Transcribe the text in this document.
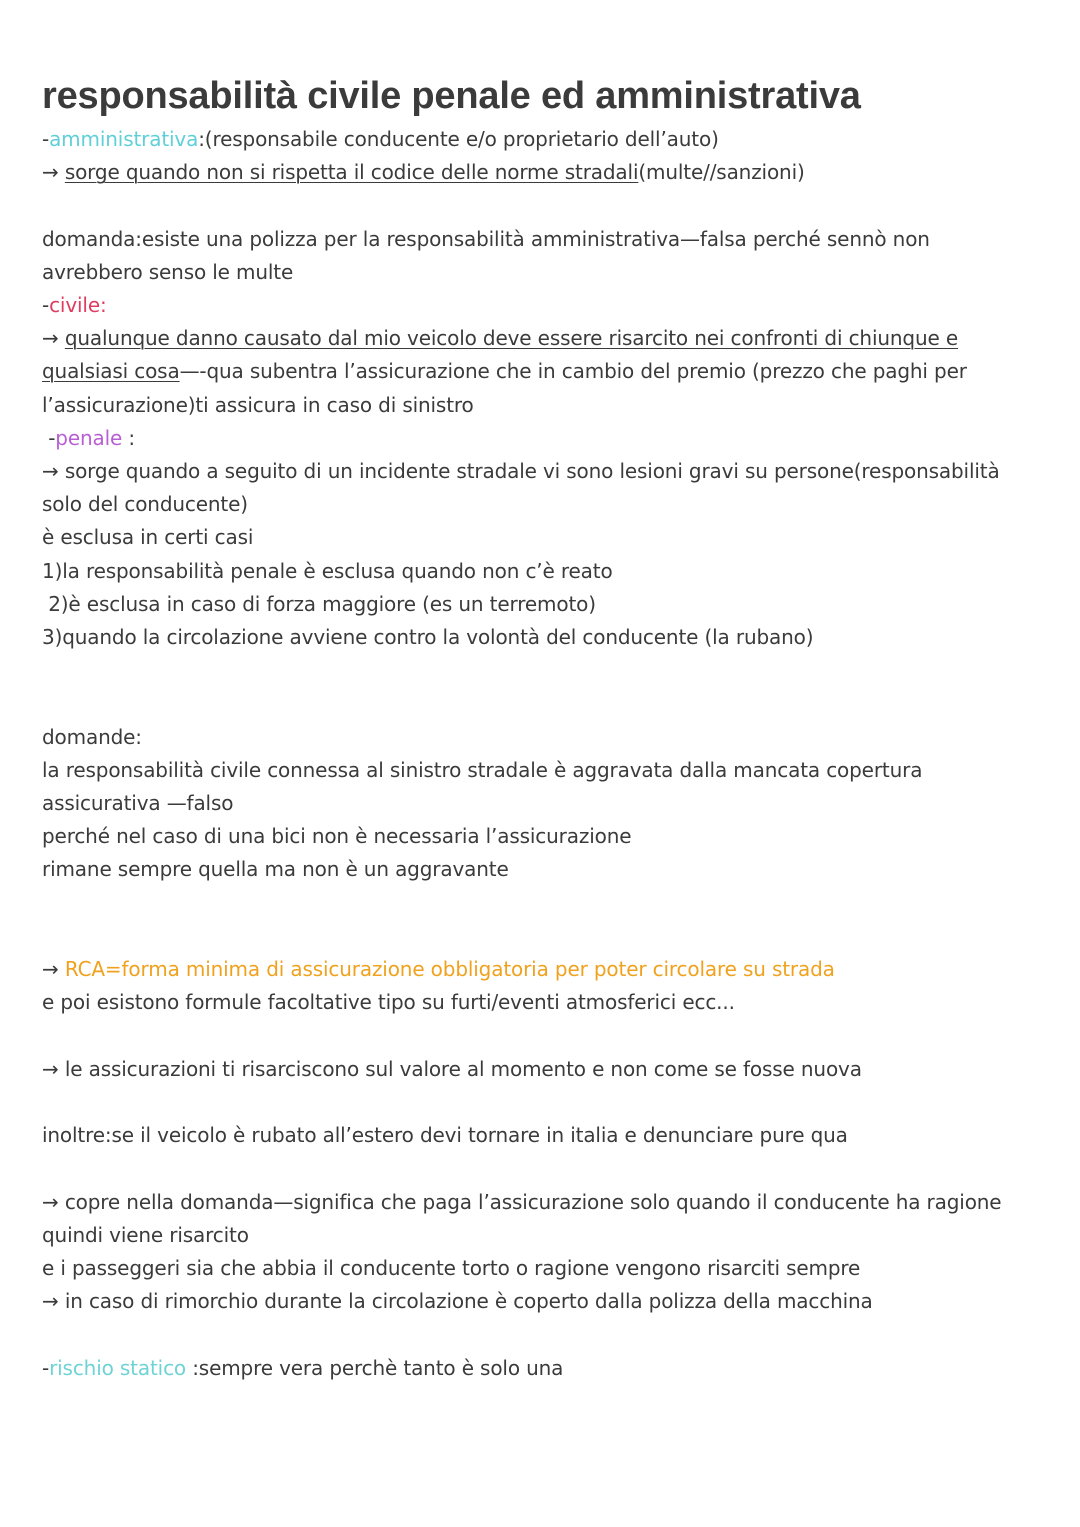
responsabilità civile penale ed amministrativa
-amministrativa:(responsabile conducente e/o proprietario dell’auto)
→ sorge quando non si rispetta il codice delle norme stradali(multe//sanzioni)
domanda:esiste una polizza per la responsabilità amministrativa—falsa perché sennò non
avrebbero senso le multe
-civile:
→ qualunque danno causato dal mio veicolo deve essere risarcito nei confronti di chiunque e
qualsiasi cosa—-qua subentra l’assicurazione che in cambio del premio (prezzo che paghi per
l’assicurazione)ti assicura in caso di sinistro
-penale :
→ sorge quando a seguito di un incidente stradale vi sono lesioni gravi su persone(responsabilità
solo del conducente)
è esclusa in certi casi
1)la responsabilità penale è esclusa quando non c’è reato
2)è esclusa in caso di forza maggiore (es un terremoto)
3)quando la circolazione avviene contro la volontà del conducente (la rubano)
domande:
la responsabilità civile connessa al sinistro stradale è aggravata dalla mancata copertura
assicurativa —falso
perché nel caso di una bici non è necessaria l’assicurazione
rimane sempre quella ma non è un aggravante
→ RCA=forma minima di assicurazione obbligatoria per poter circolare su strada
e poi esistono formule facoltative tipo su furti/eventi atmosferici ecc...
→ le assicurazioni ti risarciscono sul valore al momento e non come se fosse nuova
inoltre:se il veicolo è rubato all’estero devi tornare in italia e denunciare pure qua
→ copre nella domanda—significa che paga l’assicurazione solo quando il conducente ha ragione
quindi viene risarcito
e i passeggeri sia che abbia il conducente torto o ragione vengono risarciti sempre
→ in caso di rimorchio durante la circolazione è coperto dalla polizza della macchina
-rischio statico :sempre vera perchè tanto è solo una
